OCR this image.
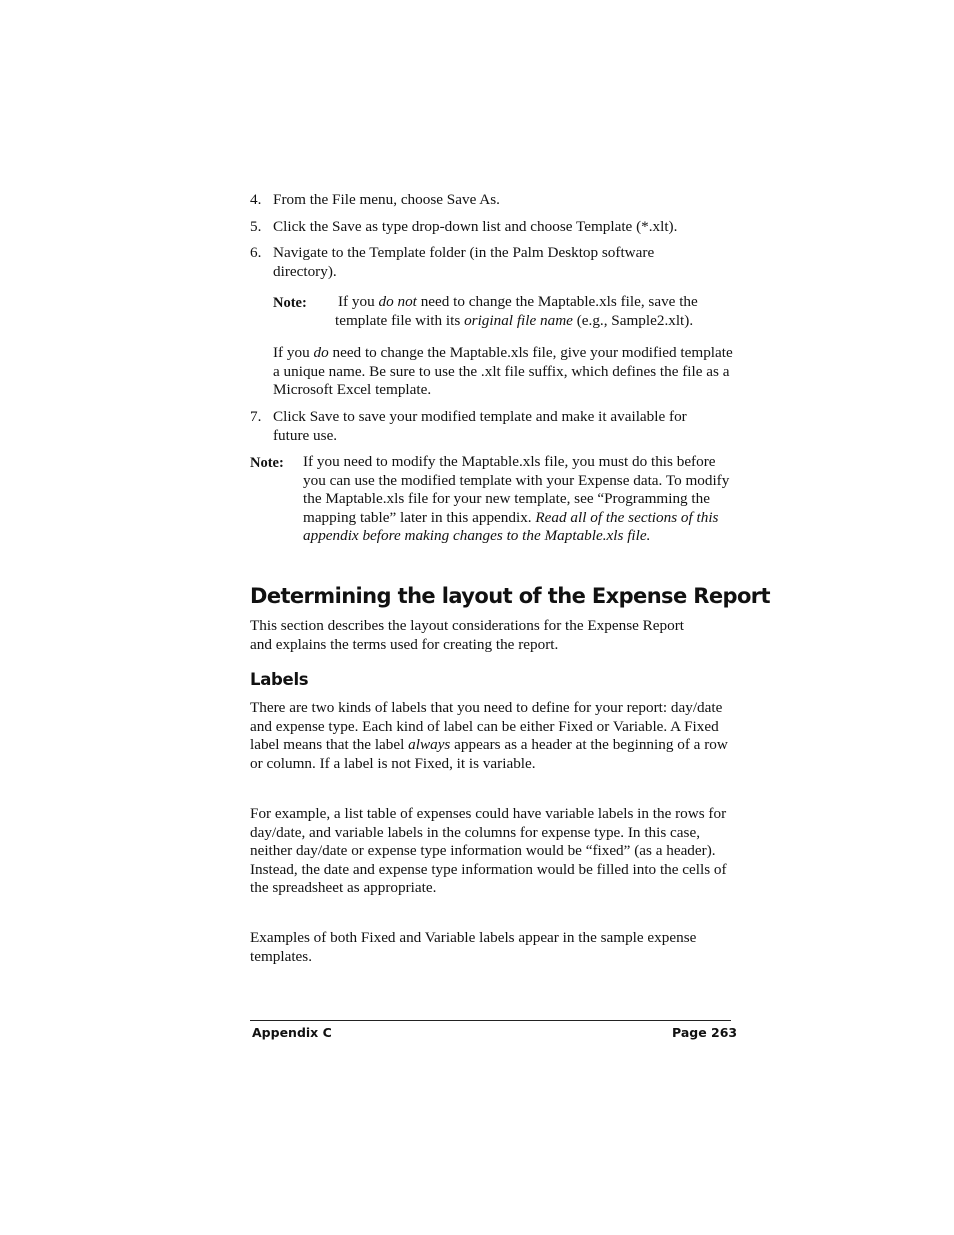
4. From the File menu, choose Save As.
5. Click the Save as type drop-down list and choose Template (*.xlt).
6. Navigate to the Template folder (in the Palm Desktop software directory).
Note: If you do not need to change the Maptable.xls file, save the template file with its original file name (e.g., Sample2.xlt).
If you do need to change the Maptable.xls file, give your modified template a unique name. Be sure to use the .xlt file suffix, which defines the file as a Microsoft Excel template.
7. Click Save to save your modified template and make it available for future use.
Note: If you need to modify the Maptable.xls file, you must do this before you can use the modified template with your Expense data. To modify the Maptable.xls file for your new template, see “Programming the mapping table” later in this appendix. Read all of the sections of this appendix before making changes to the Maptable.xls file.
Determining the layout of the Expense Report
This section describes the layout considerations for the Expense Report and explains the terms used for creating the report.
Labels
There are two kinds of labels that you need to define for your report: day/date and expense type. Each kind of label can be either Fixed or Variable. A Fixed label means that the label always appears as a header at the beginning of a row or column. If a label is not Fixed, it is variable.
For example, a list table of expenses could have variable labels in the rows for day/date, and variable labels in the columns for expense type. In this case, neither day/date or expense type information would be “fixed” (as a header). Instead, the date and expense type information would be filled into the cells of the spreadsheet as appropriate.
Examples of both Fixed and Variable labels appear in the sample expense templates.
Appendix C	Page 263
